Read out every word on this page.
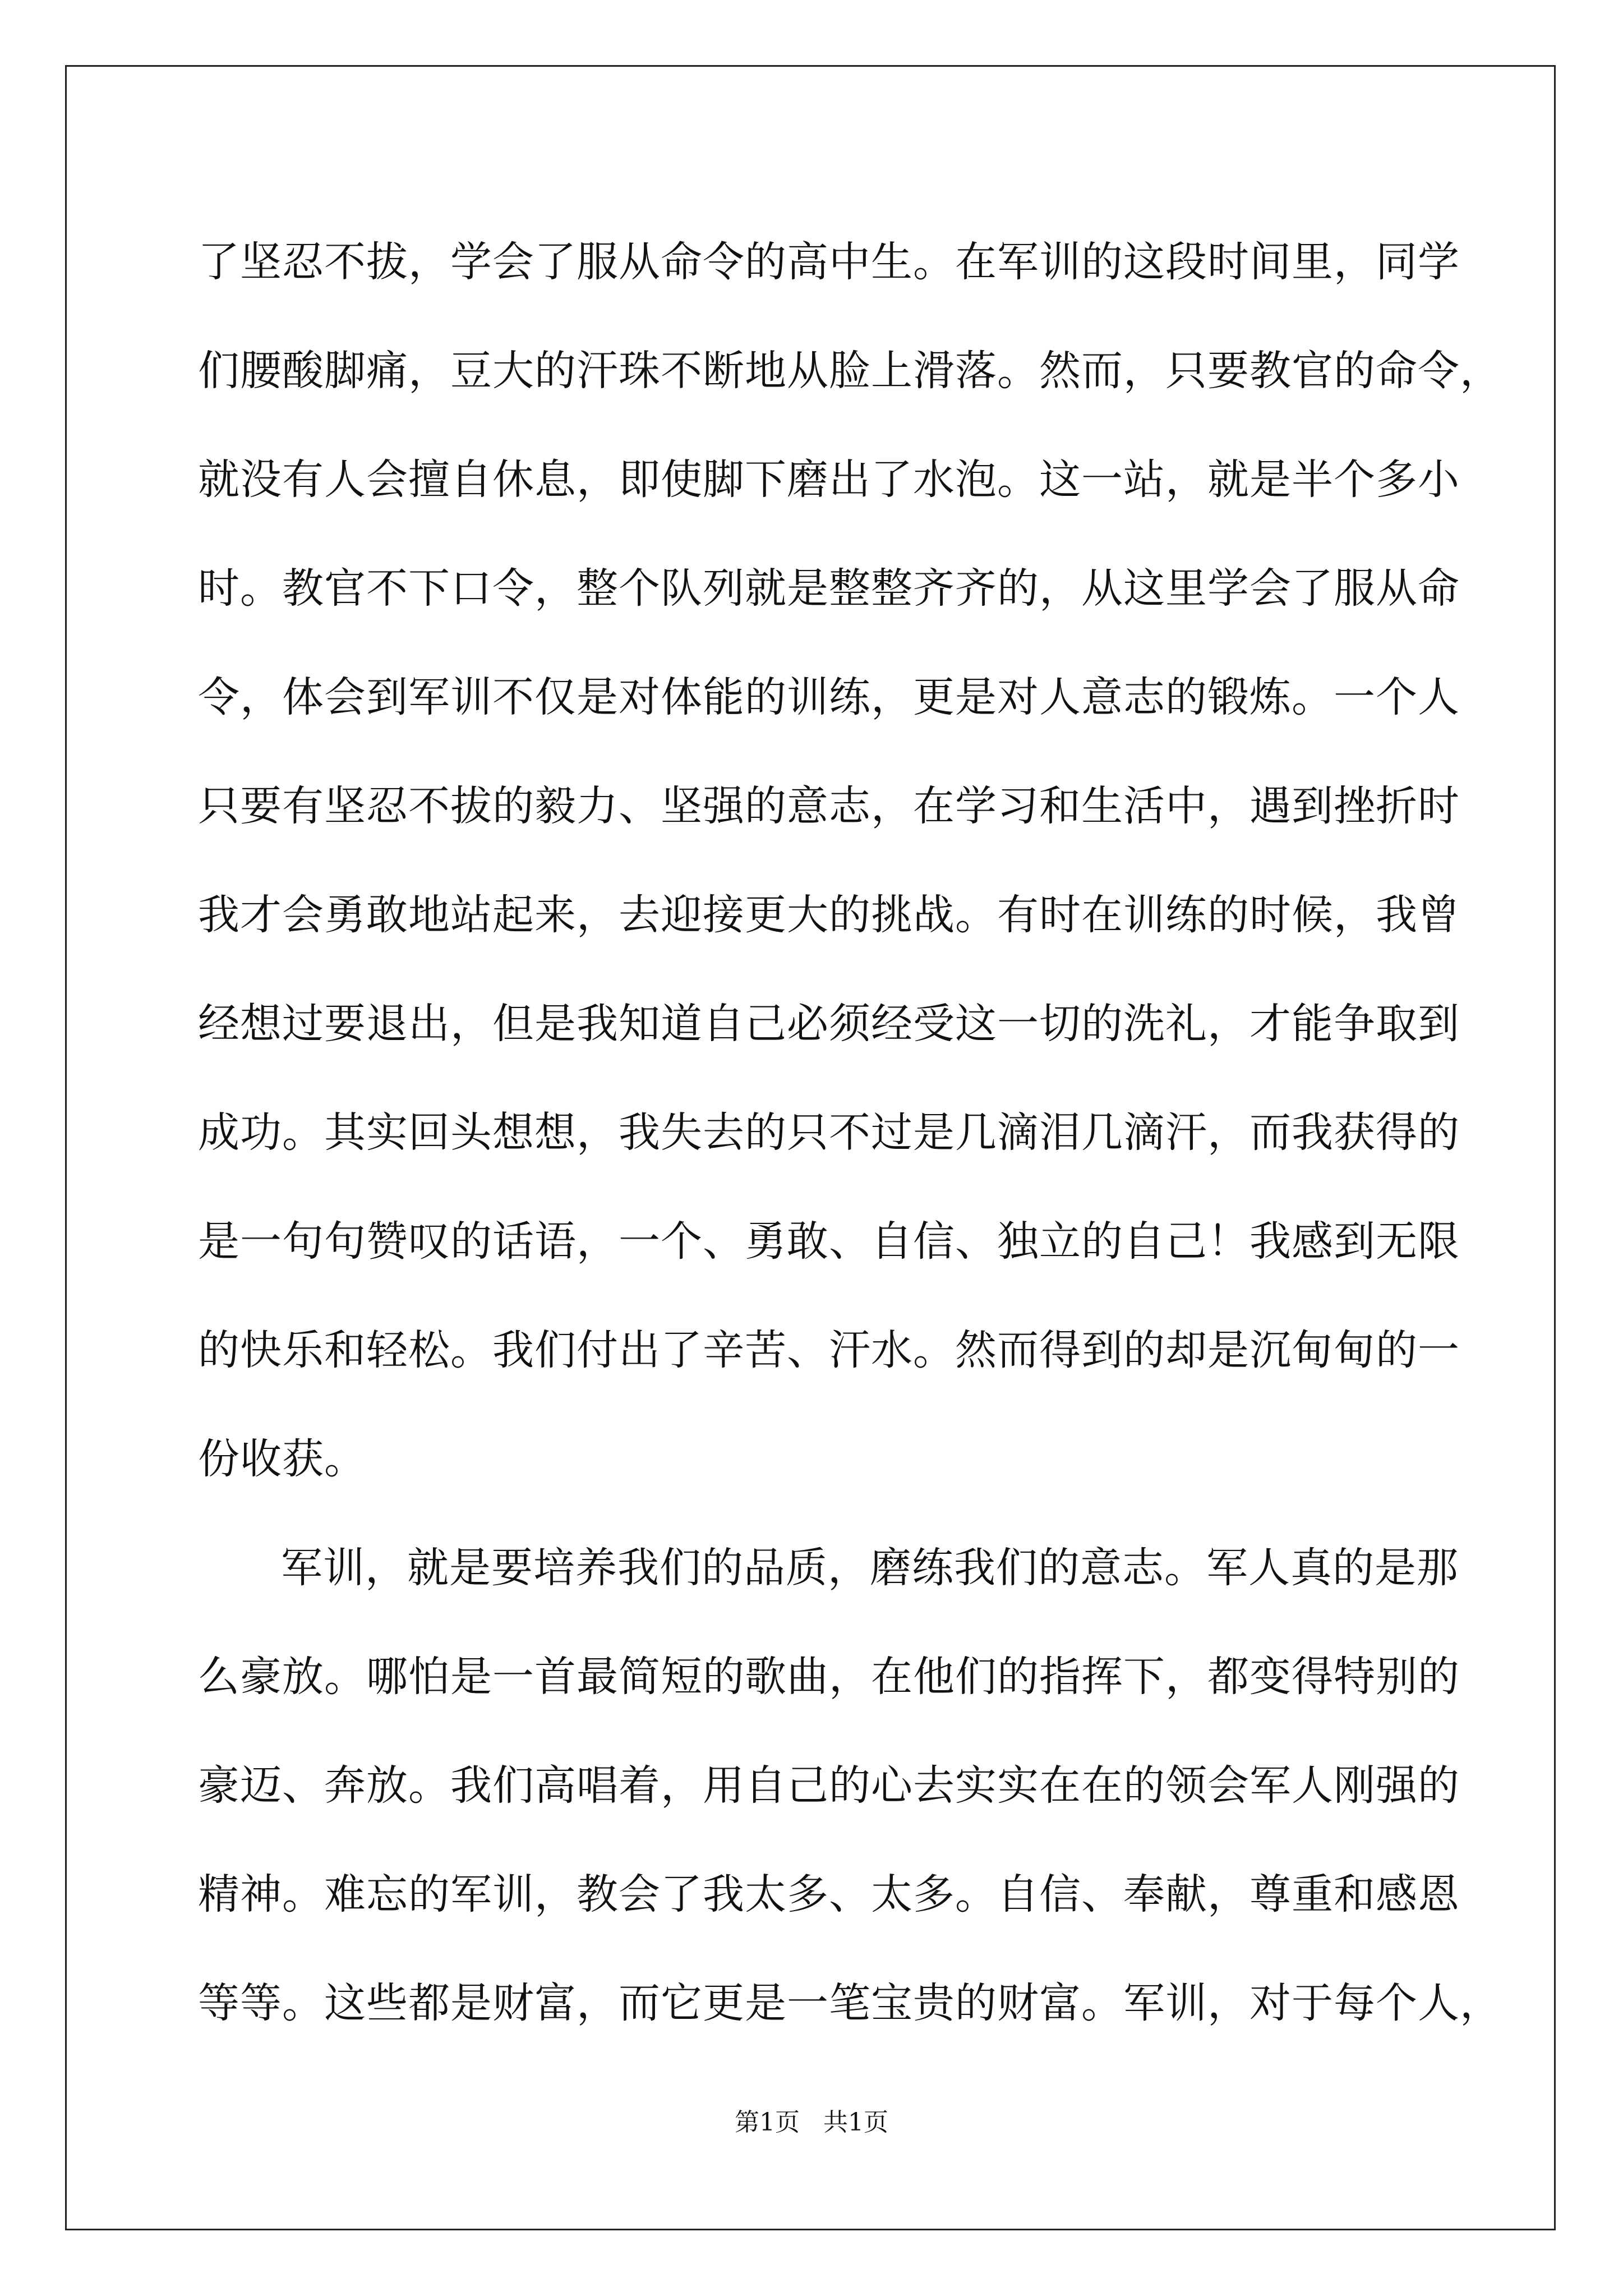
了坚忍不拔，学会了服从命令的高中生。在军训的这段时间里，同学
们腰酸脚痛，豆大的汗珠不断地从脸上滑落。然而，只要教官的命令，
就没有人会擅自休息，即使脚下磨出了水泡。这一站，就是半个多小
时。教官不下口令，整个队列就是整整齐齐的，从这里学会了服从命
令，体会到军训不仅是对体能的训练，更是对人意志的锻炼。一个人
只要有坚忍不拔的毅力、坚强的意志，在学习和生活中，遇到挫折时
我才会勇敢地站起来，去迎接更大的挑战。有时在训练的时候，我曾
经想过要退出，但是我知道自己必须经受这一切的洗礼，才能争取到
成功。其实回头想想，我失去的只不过是几滴泪几滴汗，而我获得的
是一句句赞叹的话语，一个、勇敢、自信、独立的自己！我感到无限
的快乐和轻松。我们付出了辛苦、汗水。然而得到的却是沉甸甸的一
份收获。
军训，就是要培养我们的品质，磨练我们的意志。军人真的是那
么豪放。哪怕是一首最简短的歌曲，在他们的指挥下，都变得特别的
豪迈、奔放。我们高唱着，用自己的心去实实在在的领会军人刚强的
精神。难忘的军训，教会了我太多、太多。自信、奉献，尊重和感恩
等等。这些都是财富，而它更是一笔宝贵的财富。军训，对于每个人，
第1页 共1页
